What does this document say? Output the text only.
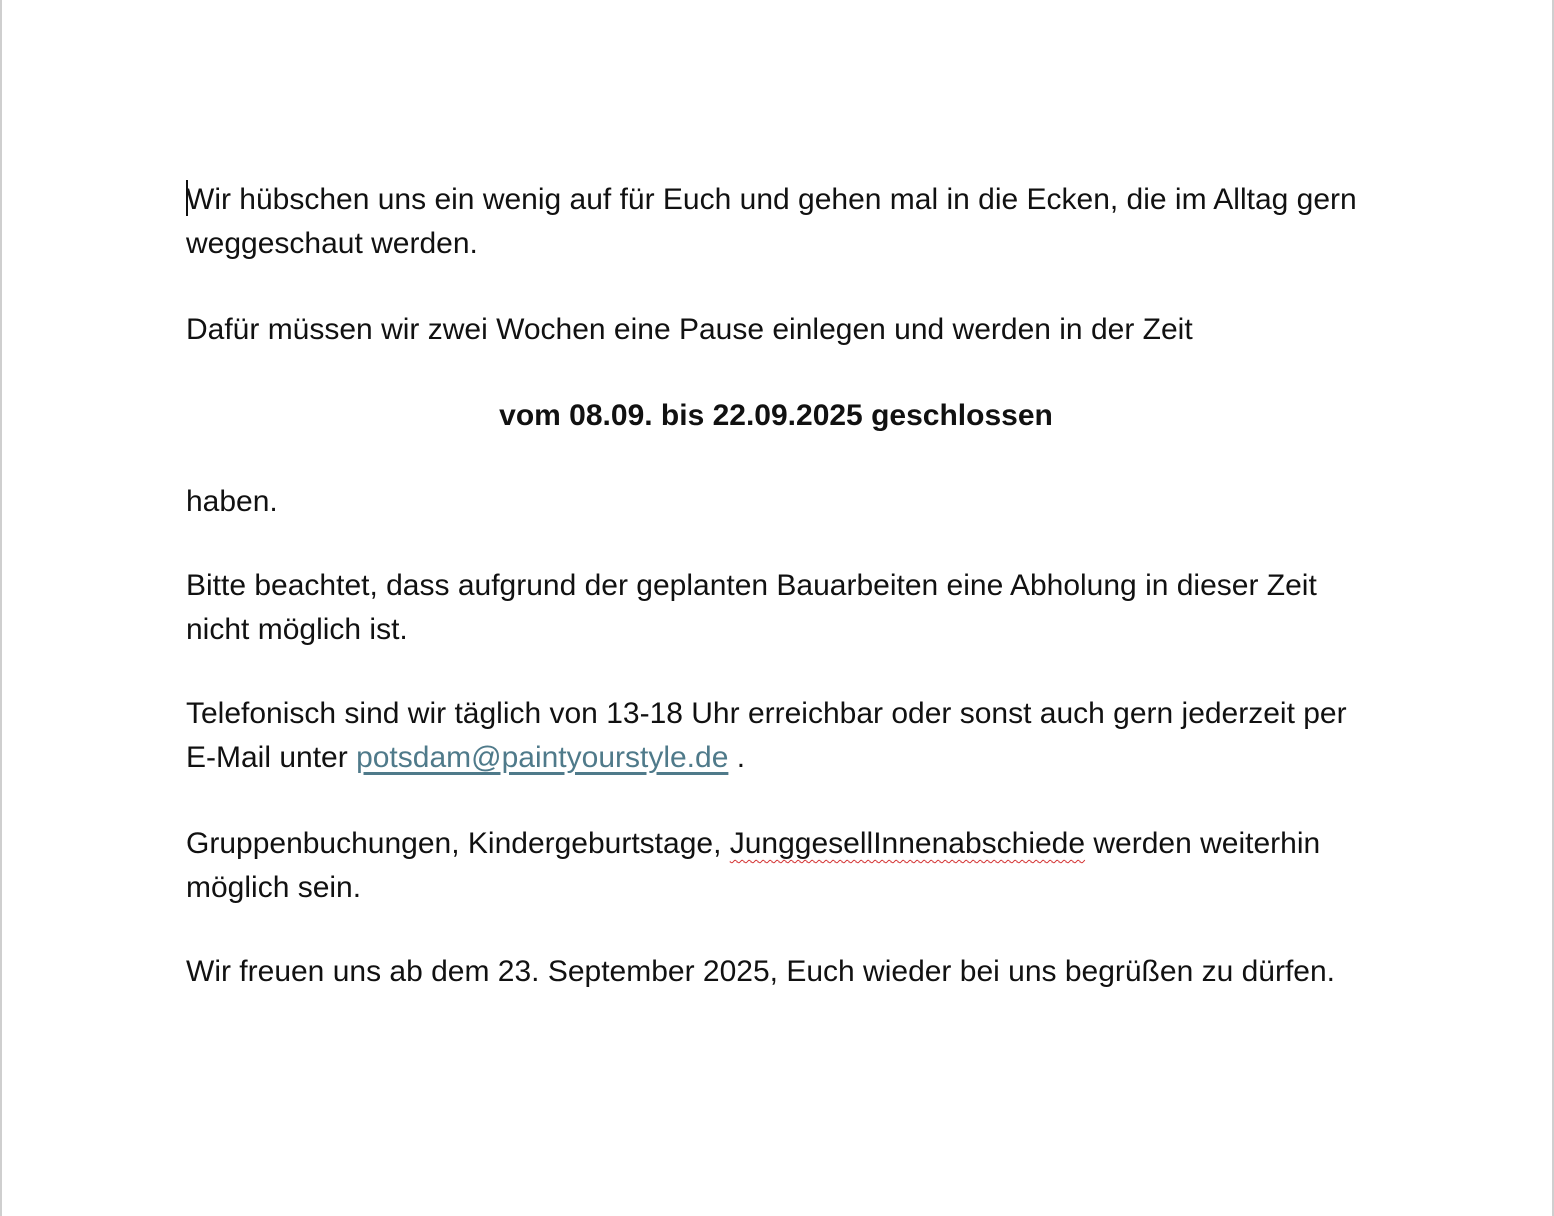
Wir hübschen uns ein wenig auf für Euch und gehen mal in die Ecken, die im Alltag gern weggeschaut werden.

Dafür müssen wir zwei Wochen eine Pause einlegen und werden in der Zeit

vom 08.09. bis 22.09.2025 geschlossen

haben.

Bitte beachtet, dass aufgrund der geplanten Bauarbeiten eine Abholung in dieser Zeit nicht möglich ist.

Telefonisch sind wir täglich von 13-18 Uhr erreichbar oder sonst auch gern jederzeit per E-Mail unter potsdam@paintyourstyle.de .

Gruppenbuchungen, Kindergeburtstage, JunggesellInnenabschiede werden weiterhin möglich sein.

Wir freuen uns ab dem 23. September 2025, Euch wieder bei uns begrüßen zu dürfen.
